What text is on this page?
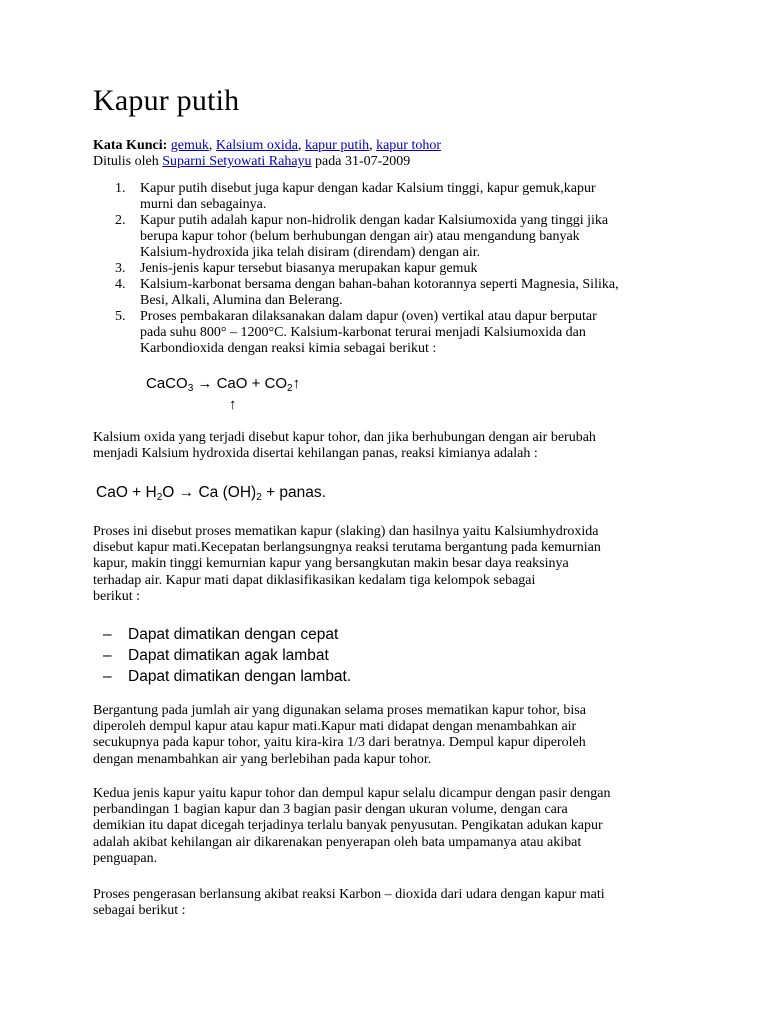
Kapur putih
Kata Kunci: gemuk, Kalsium oxida, kapur putih, kapur tohor
Ditulis oleh Suparni Setyowati Rahayu pada 31-07-2009
1. Kapur putih disebut juga kapur dengan kadar Kalsium tinggi, kapur gemuk,kapur
murni dan sebagainya.
2. Kapur putih adalah kapur non-hidrolik dengan kadar Kalsiumoxida yang tinggi jika
berupa kapur tohor (belum berhubungan dengan air) atau mengandung banyak
Kalsium-hydroxida jika telah disiram (direndam) dengan air.
3. Jenis-jenis kapur tersebut biasanya merupakan kapur gemuk
4. Kalsium-karbonat bersama dengan bahan-bahan kotorannya seperti Magnesia, Silika,
Besi, Alkali, Alumina dan Belerang.
5. Proses pembakaran dilaksanakan dalam dapur (oven) vertikal atau dapur berputar
pada suhu 800° – 1200°C. Kalsium-karbonat terurai menjadi Kalsiumoxida dan
Karbondioxida dengan reaksi kimia sebagai berikut :
CaCO$_3$ → CaO + $CO_2↑$
↑
Kalsium oxida yang terjadi disebut kapur tohor, dan jika berhubungan dengan air berubah
menjadi Kalsium hydroxida disertai kehilangan panas, reaksi kimianya adalah :
CaO + $H_2O \to Ca$ $(OH)_2$ + panas.
Proses ini disebut proses mematikan kapur (slaking) dan hasilnya yaitu Kalsiumhydroxida
disebut kapur mati.Kecepatan berlangsungnya reaksi terutama bergantung pada kemurnian
kapur, makin tinggi kemurnian kapur yang bersangkutan makin besar daya reaksinya
terhadap air. Kapur mati dapat diklasifikasikan kedalam tiga kelompok sebagai
berikut :
– Dapat dimatikan dengan cepat
– Dapat dimatikan agak lambat
– Dapat dimatikan dengan lambat.
Bergantung pada jumlah air yang digunakan selama proses mematikan kapur tohor, bisa
diperoleh dempul kapur atau kapur mati.Kapur mati didapat dengan menambahkan air
secukupnya pada kapur tohor, yaitu kira-kira 1/3 dari beratnya. Dempul kapur diperoleh
dengan menambahkan air yang berlebihan pada kapur tohor.
Kedua jenis kapur yaitu kapur tohor dan dempul kapur selalu dicampur dengan pasir dengan
perbandingan 1 bagian kapur dan 3 bagian pasir dengan ukuran volume, dengan cara
demikian itu dapat dicegah terjadinya terlalu banyak penyusutan. Pengikatan adukan kapur
adalah akibat kehilangan air dikarenakan penyerapan oleh bata umpamanya atau akibat
penguapan.
Proses pengerasan berlansung akibat reaksi Karbon – dioxida dari udara dengan kapur mati
sebagai berikut :
